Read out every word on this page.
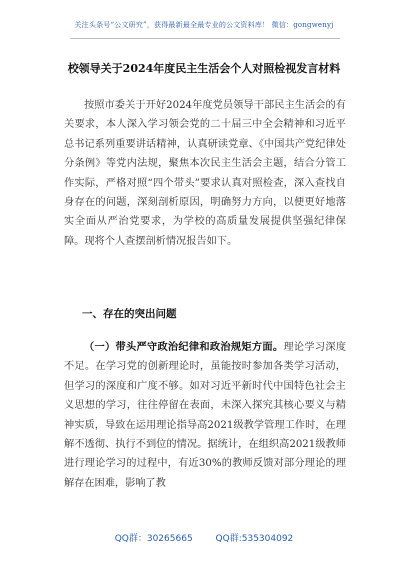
关注头条号“公文研究”，获得最新最全最专业的公文资料库！ 微信：gongwenyj
校领导关于2024年度民主生活会个人对照检视发言材料
按照市委关于开好2024年度党员领导干部民主生活会的有关要求，本人深入学习领会党的二十届三中全会精神和习近平总书记系列重要讲话精神，认真研读党章、《中国共产党纪律处分条例》等党内法规，聚焦本次民主生活会主题，结合分管工作实际，严格对照“四个带头”要求认真对照检查，深入查找自身存在的问题，深刻剖析原因，明确努力方向，以便更好地落实全面从严治党要求，为学校的高质量发展提供坚强纪律保障。现将个人查摆剖析情况报告如下。
一、存在的突出问题
（一）带头严守政治纪律和政治规矩方面。理论学习深度不足。在学习党的创新理论时，虽能按时参加各类学习活动，但学习的深度和广度不够。如对习近平新时代中国特色社会主义思想的学习，往往停留在表面，未深入探究其核心要义与精神实质，导致在运用理论指导高2021级教学管理工作时，在理解不透彻、执行不到位的情况。据统计，在组织高2021级教师进行理论学习的过程中，有近30%的教师反馈对部分理论的理解存在困难，影响了教
QQ群：30265665	QQ群:535304092
